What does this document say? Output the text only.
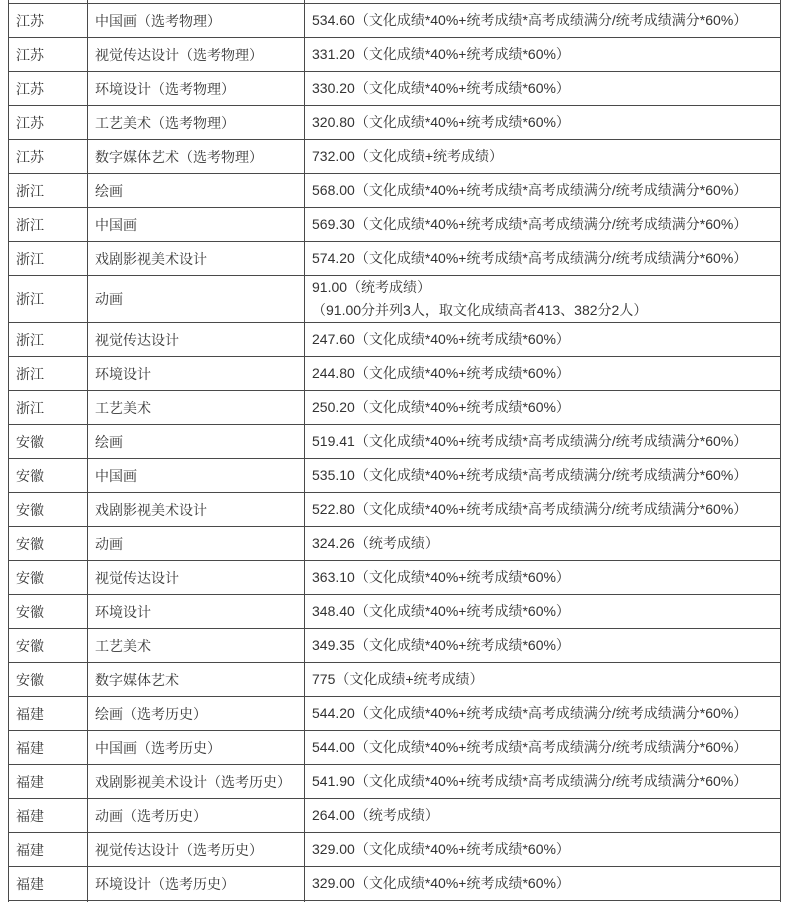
江苏	中国画（选考物理）	534.60（文化成绩*40%+统考成绩*高考成绩满分/统考成绩满分*60%）

江苏	视觉传达设计（选考物理）	331.20（文化成绩*40%+统考成绩*60%）

江苏	环境设计（选考物理）	330.20（文化成绩*40%+统考成绩*60%）

江苏	工艺美术（选考物理）	320.80（文化成绩*40%+统考成绩*60%）

江苏	数字媒体艺术（选考物理）	732.00（文化成绩+统考成绩）

浙江	绘画	568.00（文化成绩*40%+统考成绩*高考成绩满分/统考成绩满分*60%）

浙江	中国画	569.30（文化成绩*40%+统考成绩*高考成绩满分/统考成绩满分*60%）

浙江	戏剧影视美术设计	574.20（文化成绩*40%+统考成绩*高考成绩满分/统考成绩满分*60%）

浙江	动画	91.00（统考成绩）
（91.00分并列3人，取文化成绩高者413、382分2人）

浙江	视觉传达设计	247.60（文化成绩*40%+统考成绩*60%）

浙江	环境设计	244.80（文化成绩*40%+统考成绩*60%）

浙江	工艺美术	250.20（文化成绩*40%+统考成绩*60%）

安徽	绘画	519.41（文化成绩*40%+统考成绩*高考成绩满分/统考成绩满分*60%）

安徽	中国画	535.10（文化成绩*40%+统考成绩*高考成绩满分/统考成绩满分*60%）

安徽	戏剧影视美术设计	522.80（文化成绩*40%+统考成绩*高考成绩满分/统考成绩满分*60%）

安徽	动画	324.26（统考成绩）

安徽	视觉传达设计	363.10（文化成绩*40%+统考成绩*60%）

安徽	环境设计	348.40（文化成绩*40%+统考成绩*60%）

安徽	工艺美术	349.35（文化成绩*40%+统考成绩*60%）

安徽	数字媒体艺术	775（文化成绩+统考成绩）

福建	绘画（选考历史）	544.20（文化成绩*40%+统考成绩*高考成绩满分/统考成绩满分*60%）

福建	中国画（选考历史）	544.00（文化成绩*40%+统考成绩*高考成绩满分/统考成绩满分*60%）

福建	戏剧影视美术设计（选考历史）	541.90（文化成绩*40%+统考成绩*高考成绩满分/统考成绩满分*60%）

福建	动画（选考历史）	264.00（统考成绩）

福建	视觉传达设计（选考历史）	329.00（文化成绩*40%+统考成绩*60%）

福建	环境设计（选考历史）	329.00（文化成绩*40%+统考成绩*60%）
